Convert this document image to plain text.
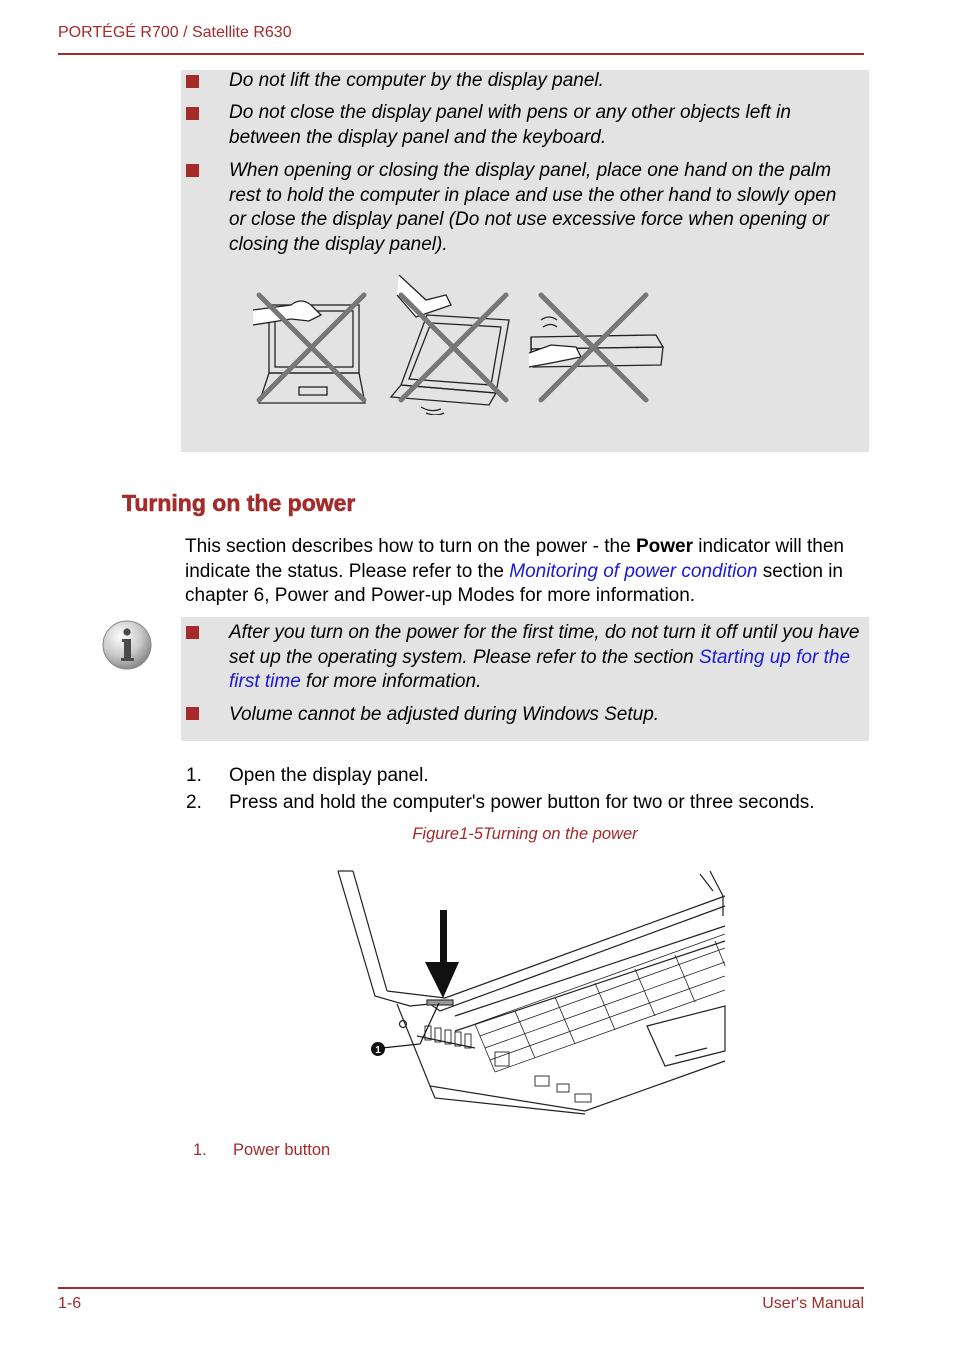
PORTÉGÉ R700 / Satellite R630
Do not lift the computer by the display panel.
Do not close the display panel with pens or any other objects left in between the display panel and the keyboard.
When opening or closing the display panel, place one hand on the palm rest to hold the computer in place and use the other hand to slowly open or close the display panel (Do not use excessive force when opening or closing the display panel).
Turning on the power
This section describes how to turn on the power - the Power indicator will then indicate the status. Please refer to the Monitoring of power condition section in chapter 6, Power and Power-up Modes for more information.
After you turn on the power for the first time, do not turn it off until you have set up the operating system. Please refer to the section Starting up for the first time for more information.
Volume cannot be adjusted during Windows Setup.
1. Open the display panel.
2. Press and hold the computer's power button for two or three seconds.
Figure1-5Turning on the power
1
1. Power button
1-6	User's Manual
